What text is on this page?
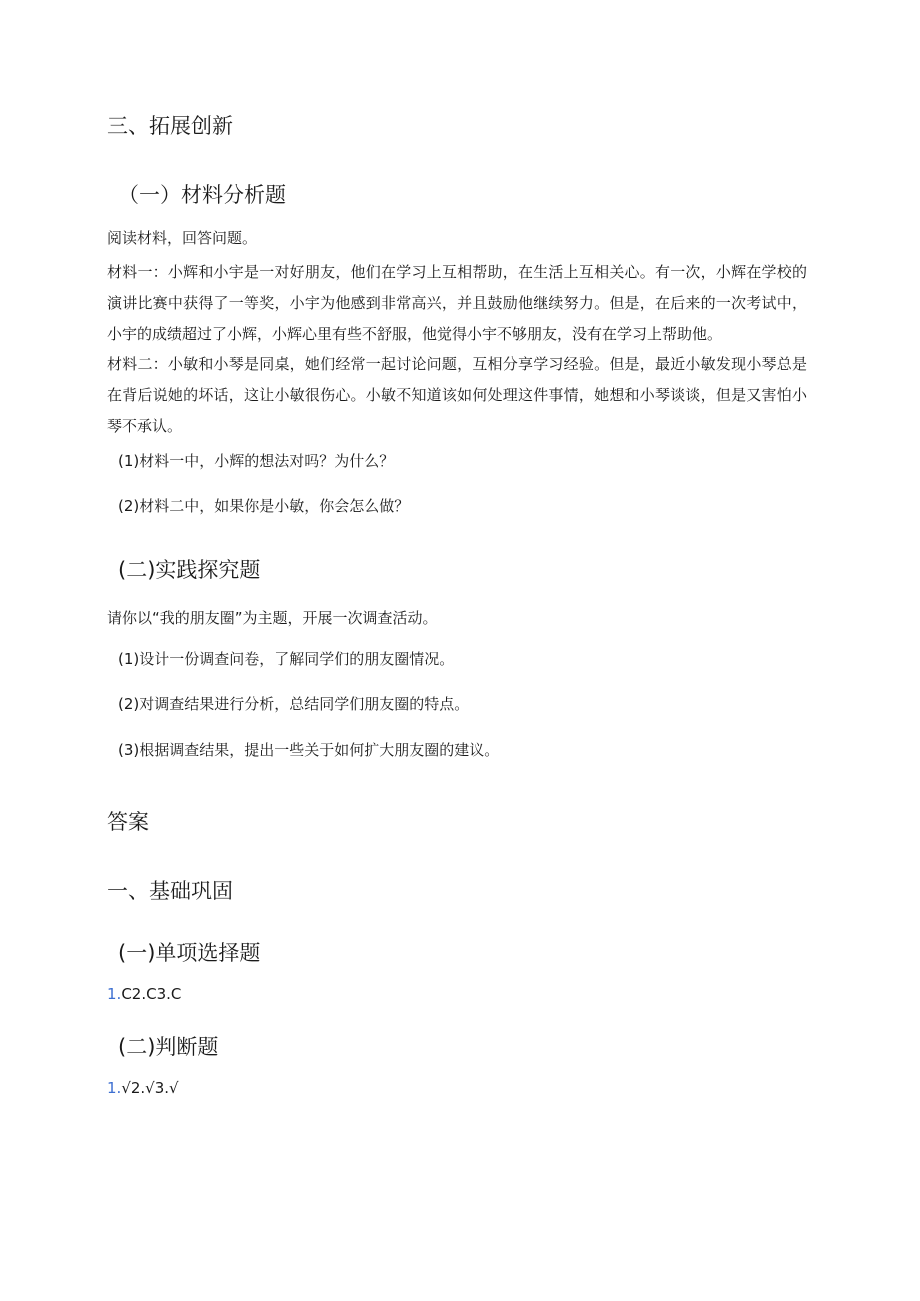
三、拓展创新
（一）材料分析题
阅读材料，回答问题。
材料一：小辉和小宇是一对好朋友，他们在学习上互相帮助，在生活上互相关心。有一次，小辉在学校的演讲比赛中获得了一等奖，小宇为他感到非常高兴，并且鼓励他继续努力。但是，在后来的一次考试中，小宇的成绩超过了小辉，小辉心里有些不舒服，他觉得小宇不够朋友，没有在学习上帮助他。
材料二：小敏和小琴是同桌，她们经常一起讨论问题，互相分享学习经验。但是，最近小敏发现小琴总是在背后说她的坏话，这让小敏很伤心。小敏不知道该如何处理这件事情，她想和小琴谈谈，但是又害怕小琴不承认。
(1)材料一中，小辉的想法对吗？为什么？
(2)材料二中，如果你是小敏，你会怎么做？
(二)实践探究题
请你以“我的朋友圈”为主题，开展一次调查活动。
(1)设计一份调查问卷，了解同学们的朋友圈情况。
(2)对调查结果进行分析，总结同学们朋友圈的特点。
(3)根据调查结果，提出一些关于如何扩大朋友圈的建议。
答案
一、基础巩固
(一)单项选择题
1.C2.C3.C
(二)判断题
1.√2.√3.√
